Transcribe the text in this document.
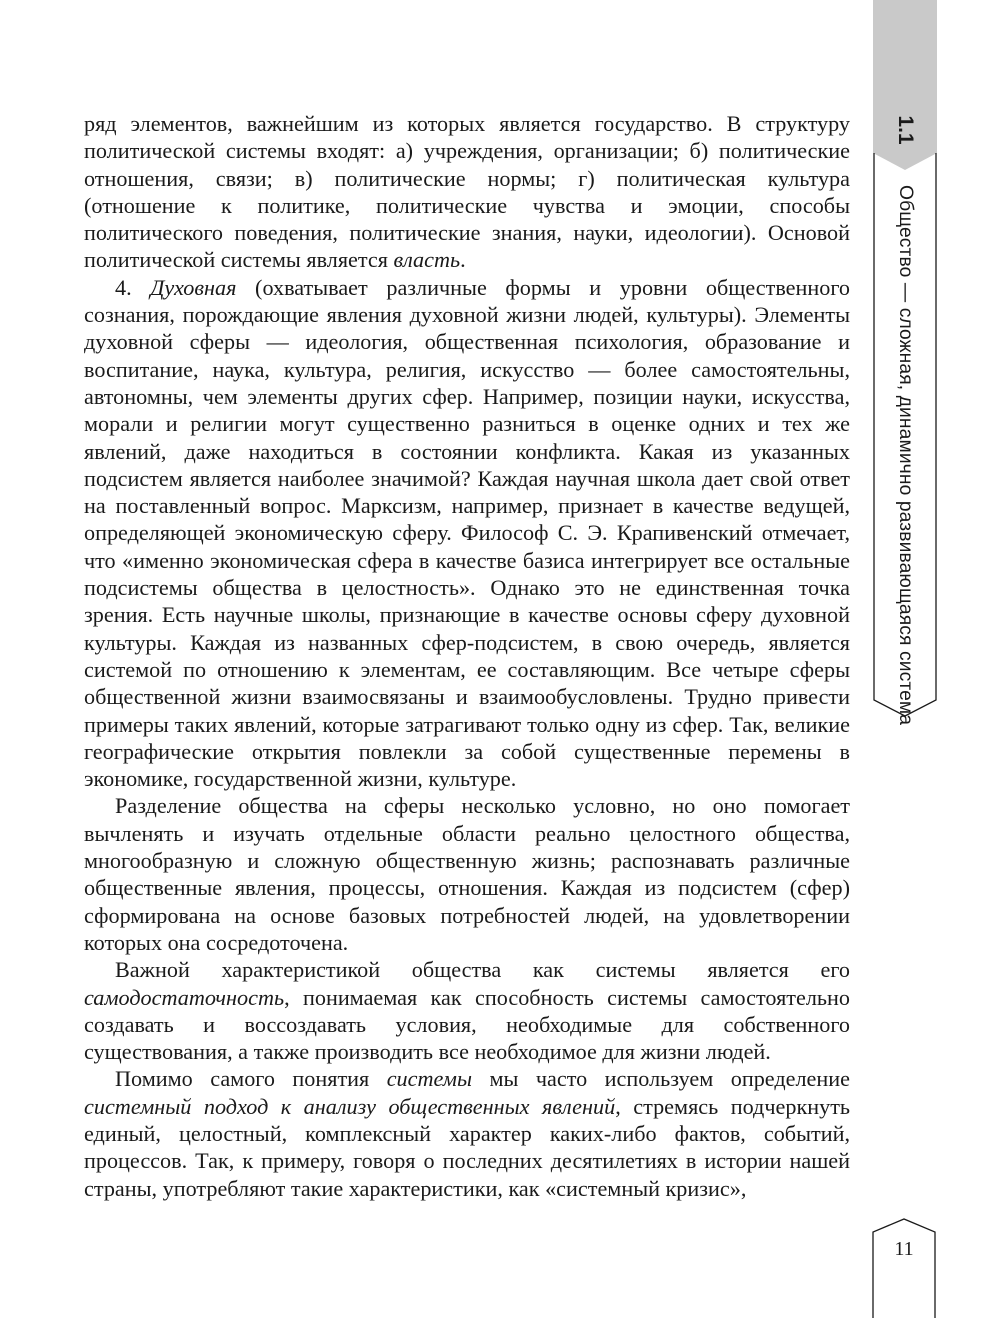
ряд элементов, важнейшим из которых является государство. В структуру политической системы входят: а) учреждения, организации; б) политические отношения, связи; в) политические нормы; г) политическая культура (отношение к политике, политические чувства и эмоции, способы политического поведения, политические знания, науки, идеологии). Основой политической системы является власть.

4. Духовная (охватывает различные формы и уровни общественного сознания, порождающие явления духовной жизни людей, культуры). Элементы духовной сферы — идеология, общественная психология, образование и воспитание, наука, культура, религия, искусство — более самостоятельны, автономны, чем элементы других сфер. Например, позиции науки, искусства, морали и религии могут существенно разниться в оценке одних и тех же явлений, даже находиться в состоянии конфликта. Какая из указанных подсистем является наиболее значимой? Каждая научная школа дает свой ответ на поставленный вопрос. Марксизм, например, признает в качестве ведущей, определяющей экономическую сферу. Философ С. Э. Крапивенский отмечает, что «именно экономическая сфера в качестве базиса интегрирует все остальные подсистемы общества в целостность». Однако это не единственная точка зрения. Есть научные школы, признающие в качестве основы сферу духовной культуры. Каждая из названных сфер-подсистем, в свою очередь, является системой по отношению к элементам, ее составляющим. Все четыре сферы общественной жизни взаимосвязаны и взаимообусловлены. Трудно привести примеры таких явлений, которые затрагивают только одну из сфер. Так, великие географические открытия повлекли за собой существенные перемены в экономике, государственной жизни, культуре.

Разделение общества на сферы несколько условно, но оно помогает вычленять и изучать отдельные области реально целостного общества, многообразную и сложную общественную жизнь; распознавать различные общественные явления, процессы, отношения. Каждая из подсистем (сфер) сформирована на основе базовых потребностей людей, на удовлетворении которых она сосредоточена.

Важной характеристикой общества как системы является его самодостаточность, понимаемая как способность системы самостоятельно создавать и воссоздавать условия, необходимые для собственного существования, а также производить все необходимое для жизни людей.

Помимо самого понятия системы мы часто используем определение системный подход к анализу общественных явлений, стремясь подчеркнуть единый, целостный, комплексный характер каких-либо фактов, событий, процессов. Так, к примеру, говоря о последних десятилетиях в истории нашей страны, употребляют такие характеристики, как «системный кризис»,

1.1
Общество — сложная, динамично развивающаяся система
11
